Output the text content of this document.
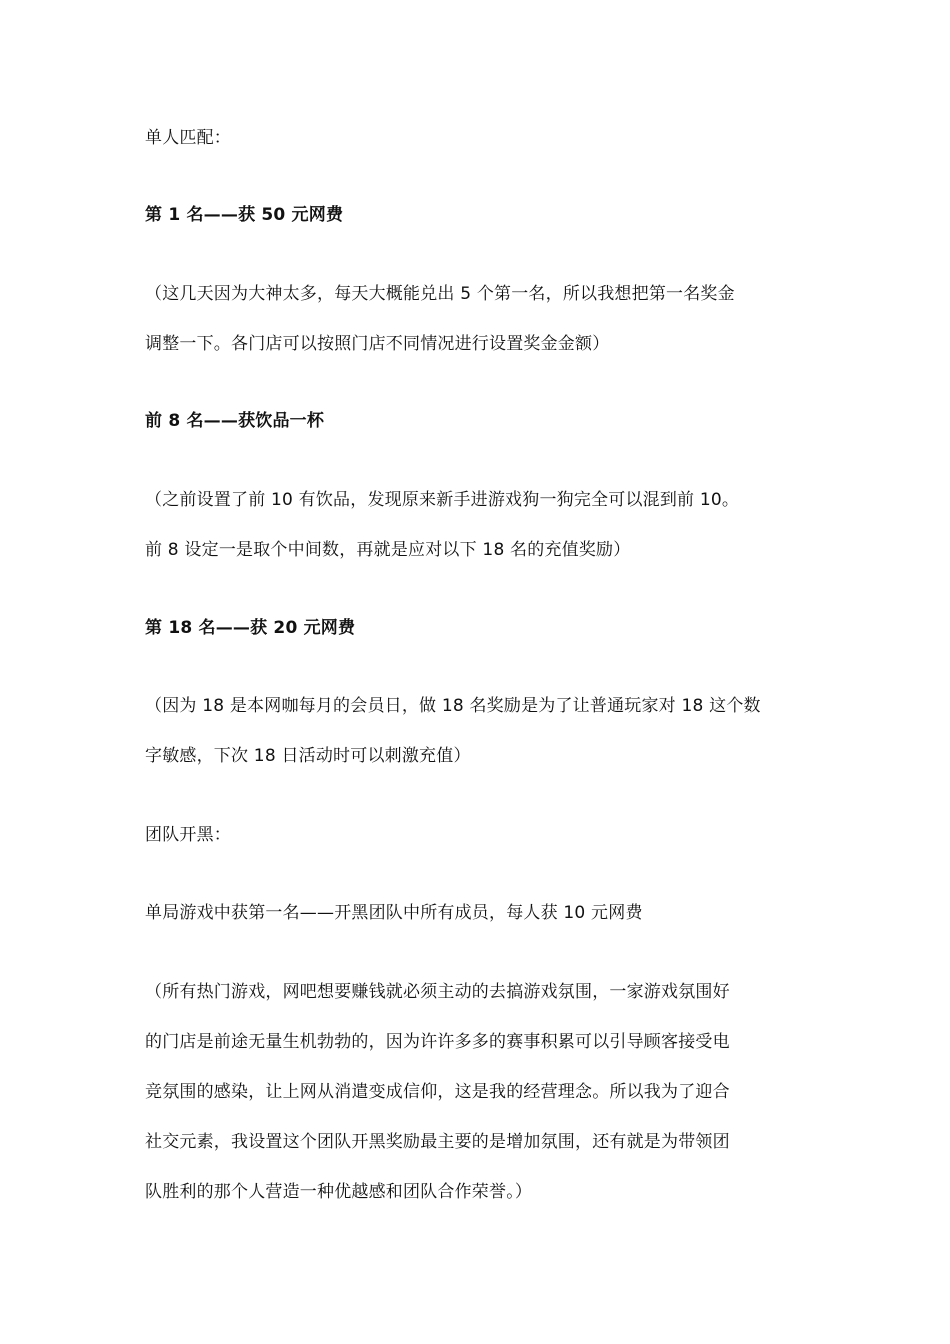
单人匹配：
第 1 名——获 50 元网费
（这几天因为大神太多，每天大概能兑出 5 个第一名，所以我想把第一名奖金
调整一下。各门店可以按照门店不同情况进行设置奖金金额）
前 8 名——获饮品一杯
（之前设置了前 10 有饮品，发现原来新手进游戏狗一狗完全可以混到前 10。
前 8 设定一是取个中间数，再就是应对以下 18 名的充值奖励）
第 18 名——获 20 元网费
（因为 18 是本网咖每月的会员日，做 18 名奖励是为了让普通玩家对 18 这个数
字敏感，下次 18 日活动时可以刺激充值）
团队开黑：
单局游戏中获第一名——开黑团队中所有成员，每人获 10 元网费
（所有热门游戏，网吧想要赚钱就必须主动的去搞游戏氛围，一家游戏氛围好
的门店是前途无量生机勃勃的，因为许许多多的赛事积累可以引导顾客接受电
竞氛围的感染，让上网从消遣变成信仰，这是我的经营理念。所以我为了迎合
社交元素，我设置这个团队开黑奖励最主要的是增加氛围，还有就是为带领团
队胜利的那个人营造一种优越感和团队合作荣誉。）
